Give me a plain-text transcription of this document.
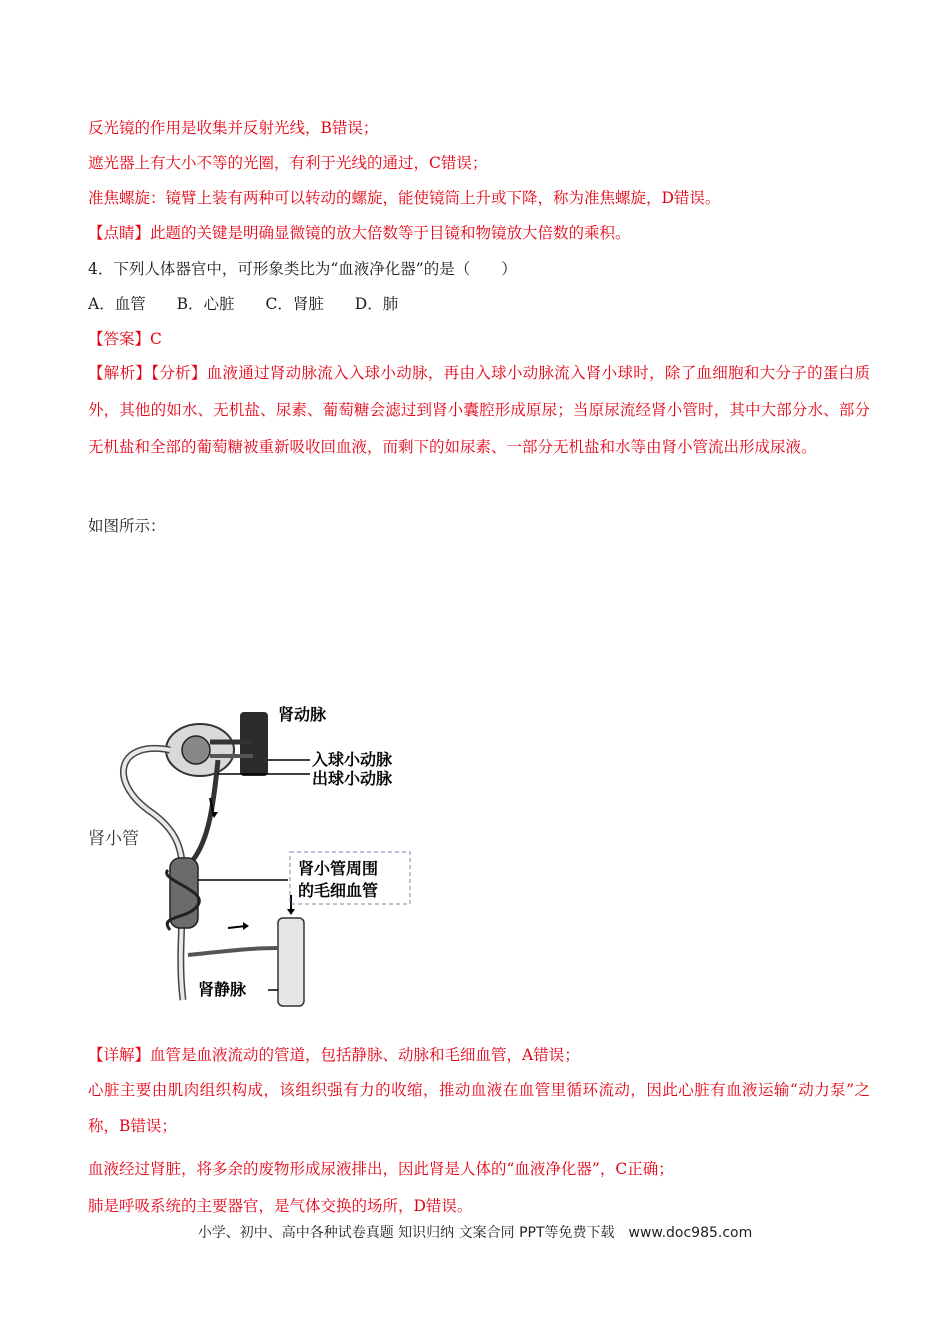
反光镜的作用是收集并反射光线，B错误；
遮光器上有大小不等的光圈，有利于光线的通过，C错误；
准焦螺旋：镜臂上装有两种可以转动的螺旋，能使镜筒上升或下降，称为准焦螺旋，D错误。
【点睛】此题的关键是明确显微镜的放大倍数等于目镜和物镜放大倍数的乘积。
4．下列人体器官中，可形象类比为“血液净化器”的是（　　）
A．血管 B．心脏 C．肾脏 D．肺
【答案】C
【解析】【分析】血液通过肾动脉流入入球小动脉，再由入球小动脉流入肾小球时，除了血细胞和大分子的蛋白质外，其他的如水、无机盐、尿素、葡萄糖会滤过到肾小囊腔形成原尿；当原尿流经肾小管时，其中大部分水、部分无机盐和全部的葡萄糖被重新吸收回血液，而剩下的如尿素、一部分无机盐和水等由肾小管流出形成尿液。
如图所示：
肾动脉
入球小动脉
出球小动脉
肾小管
肾小管周围
的毛细血管
肾静脉
【详解】血管是血液流动的管道，包括静脉、动脉和毛细血管，A错误；
心脏主要由肌肉组织构成，该组织强有力的收缩，推动血液在血管里循环流动，因此心脏有血液运输“动力泵”之称，B错误；
血液经过肾脏，将多余的废物形成尿液排出，因此肾是人体的“血液净化器”，C正确；
肺是呼吸系统的主要器官，是气体交换的场所，D错误。
小学、初中、高中各种试卷真题 知识归纳 文案合同 PPT等免费下载　www.doc985.com
